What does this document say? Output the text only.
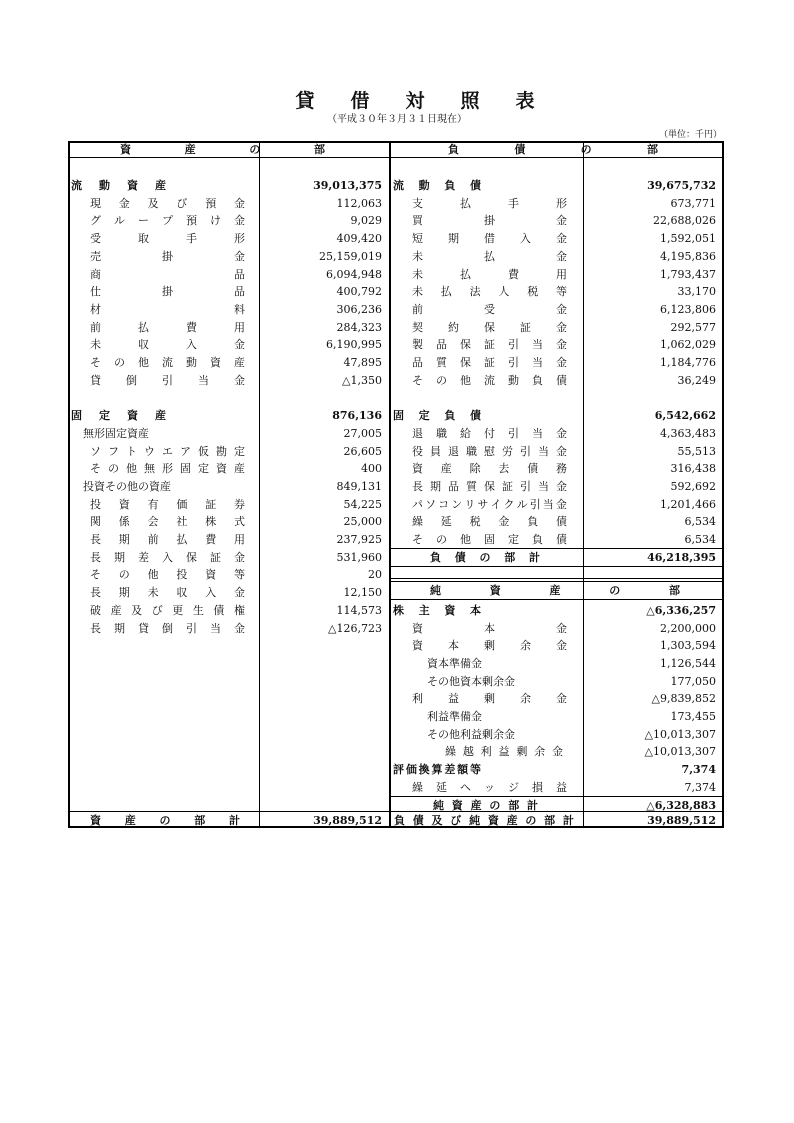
貸借対照表
（平成３０年３月３１日現在）
（単位：千円）
資	産	の	部	負	債	の	部
流 動 資 産	39,013,375
現 金 及 び 預 金	112,063
グ ル ー プ 預 け 金	9,029
受	取	手	形	409,420
売	掛	金	25,159,019
商	品	6,094,948
仕	掛	品	400,792
材	料	306,236
前	払	費	用	284,323
未	収	入	金	6,190,995
そ の 他 流 動 資 産	47,895
貸 倒 引 当 金	△1,350
固 定 資 産	876,136
無形固定資産	27,005
ソ フ ト ウ エ ア 仮 勘 定	26,605
そ の 他 無 形 固 定 資 産	400
投資その他の資産	849,131
投 資 有 価 証 券	54,225
関 係 会 社 株 式	25,000
長 期 前 払 費 用	237,925
長 期 差 入 保 証 金	531,960
そ の 他 投 資 等	20
長 期 未 収 入 金	12,150
破 産 及 び 更 生 債 権	114,573
長 期 貸 倒 引 当 金	△126,723
流 動 負 債	39,675,732
支	払	手	形	673,771
買	掛	金	22,688,026
短 期 借 入 金	1,592,051
未	払	金	4,195,836
未	払	費	用	1,793,437
未 払 法 人 税 等	33,170
前	受	金	6,123,806
契 約 保 証 金	292,577
製 品 保 証 引 当 金	1,062,029
品 質 保 証 引 当 金	1,184,776
そ の 他 流 動 負 債	36,249
固 定 負 債	6,542,662
退 職 給 付 引 当 金	4,363,483
役 員 退 職 慰 労 引 当 金	55,513
資 産 除 去 債 務	316,438
長 期 品 質 保 証 引 当 金	592,692
パ ソ コ ン リ サ イ ク ル 引 当 金	1,201,466
繰 延 税 金 負 債	6,534
そ の 他 固 定 負 債	6,534
負 債 の 部 計	46,218,395
純	資	産	の	部
株 主 資 本	△6,336,257
資	本	金	2,200,000
資 本 剰 余 金	1,303,594
資本準備金	1,126,544
その他資本剰余金	177,050
利 益 剰 余 金	△9,839,852
利益準備金	173,455
その他利益剰余金	△10,013,307
繰 越 利 益 剰 余 金	△10,013,307
評 価 換 算 差 額 等	7,374
繰 延 ヘ ッ ジ 損 益	7,374
純 資 産 の 部 計	△6,328,883
資 産 の 部 計	39,889,512 負 債 及 び 純 資 産 の 部 計	39,889,512
